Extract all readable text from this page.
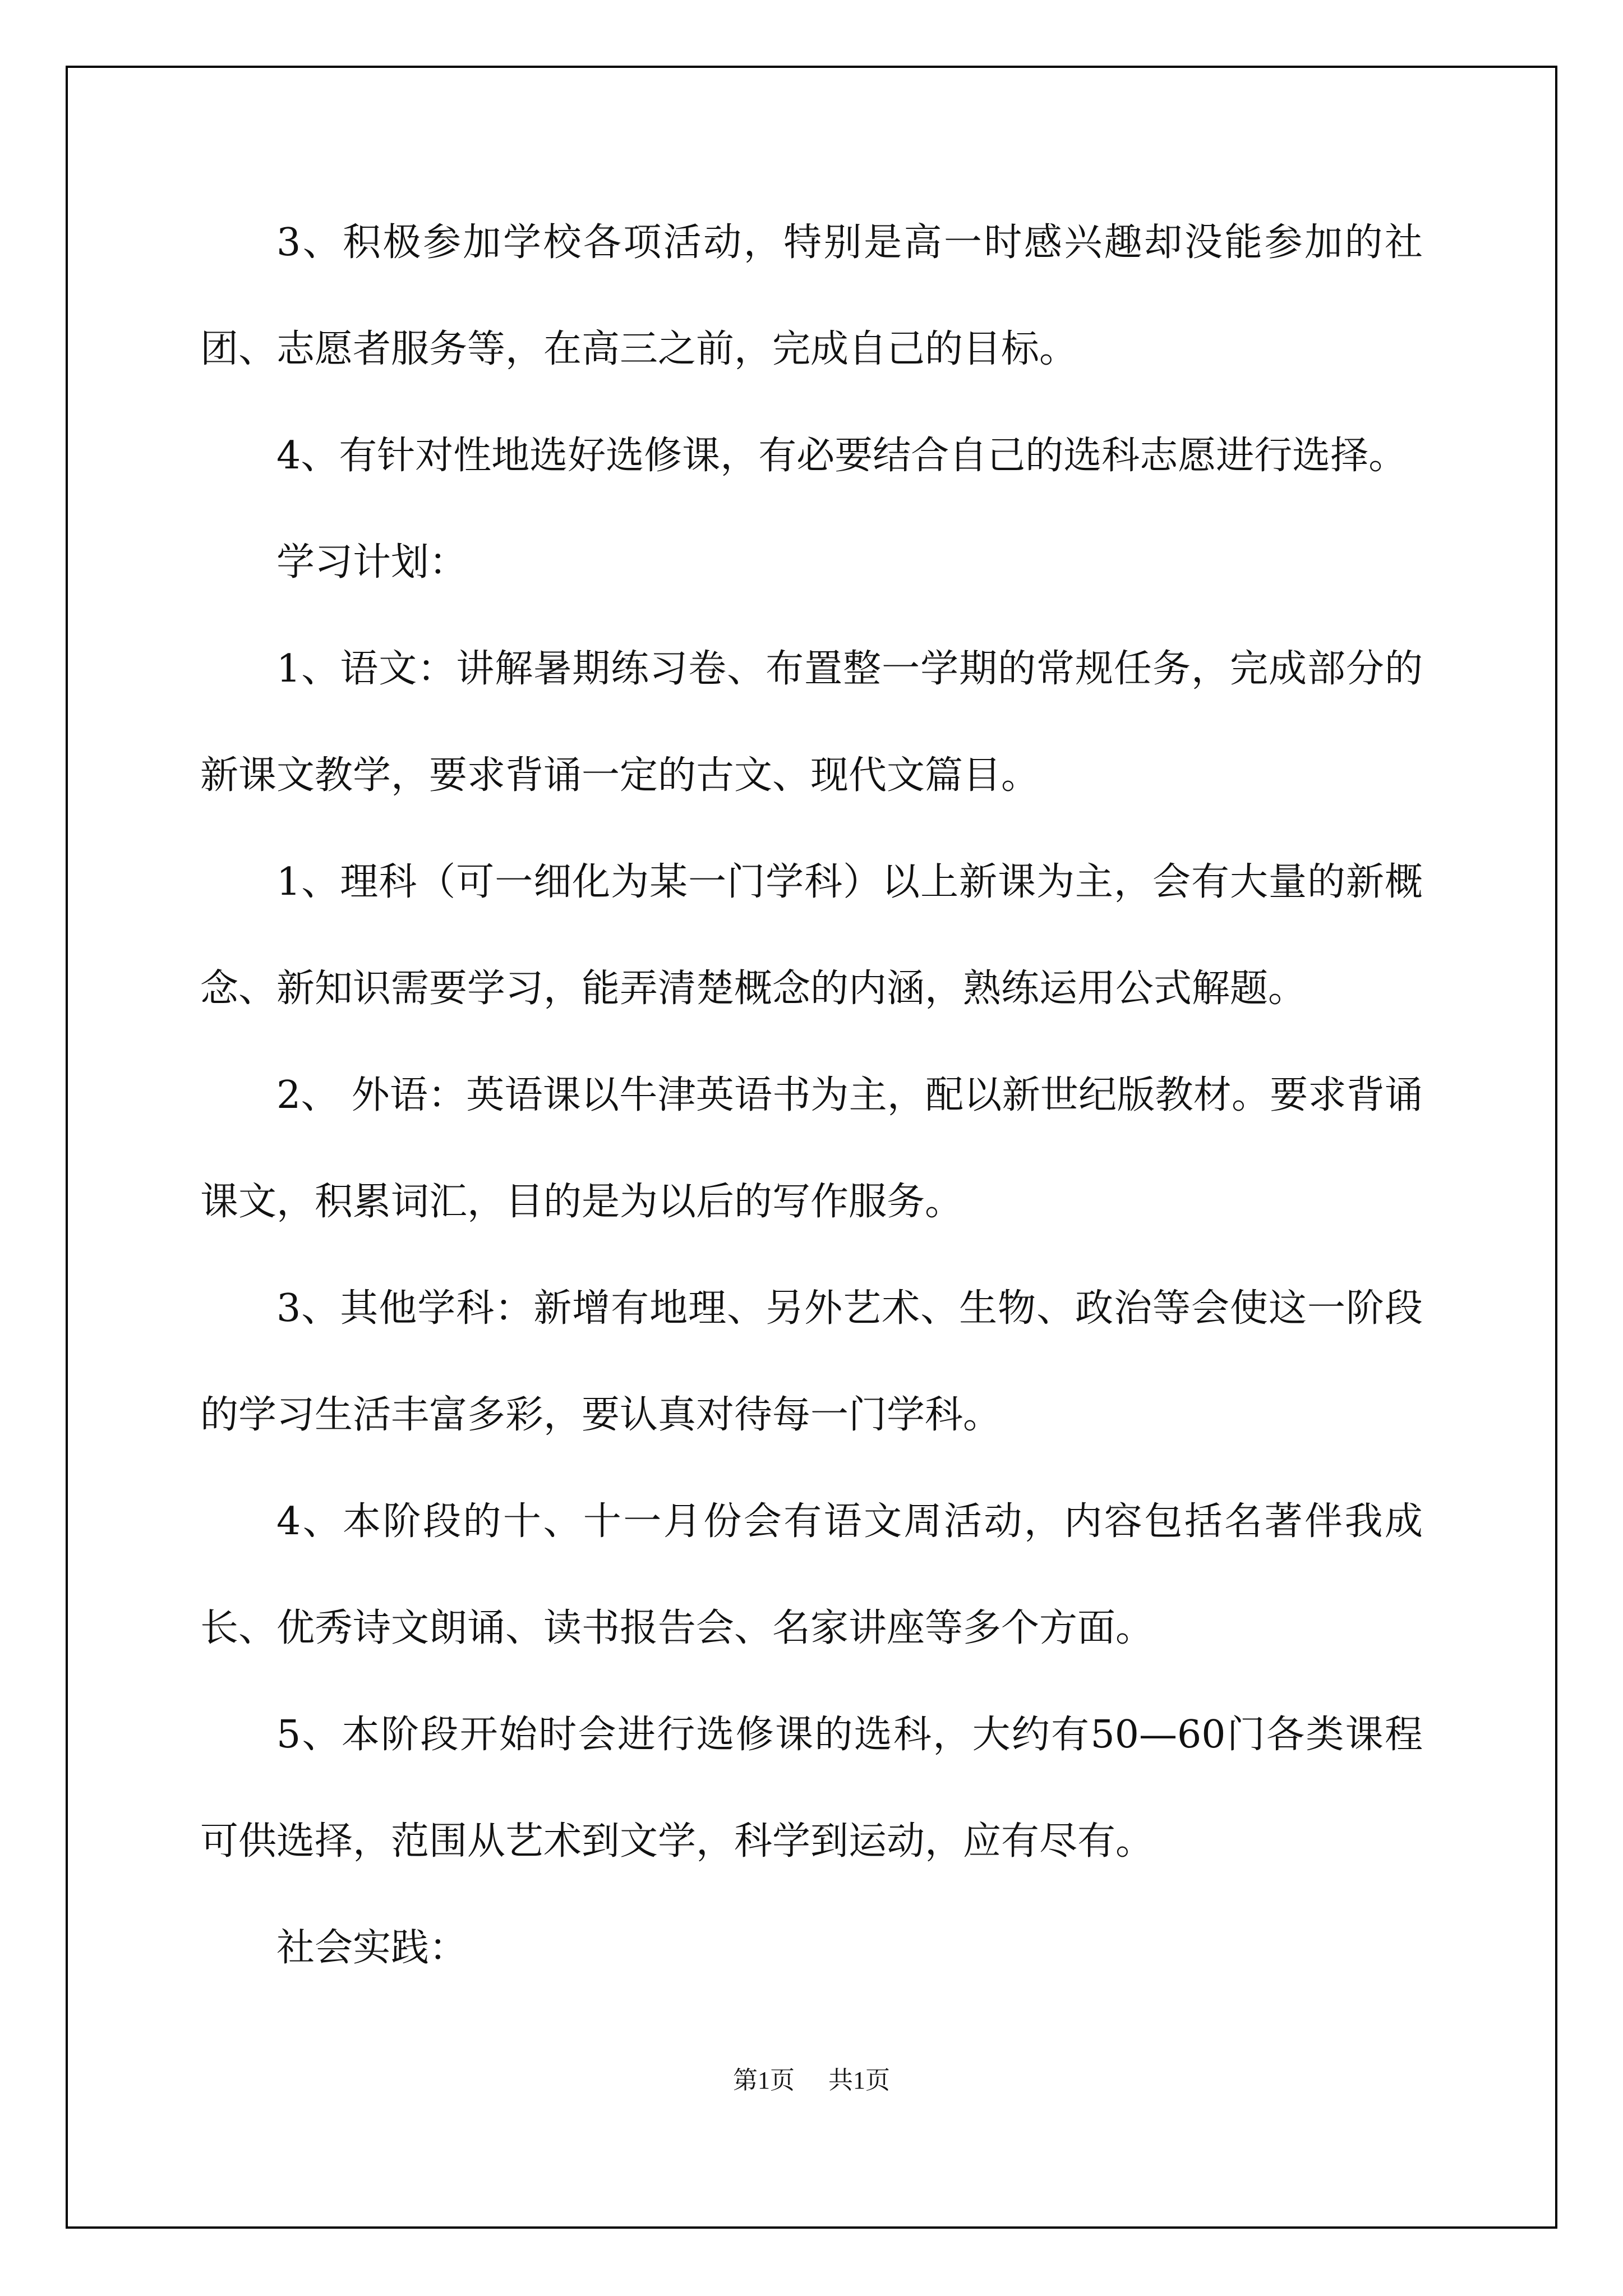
3、积极参加学校各项活动，特别是高一时感兴趣却没能参加的社团、志愿者服务等，在高三之前，完成自己的目标。

4、有针对性地选好选修课，有必要结合自己的选科志愿进行选择。

学习计划：

1、语文：讲解暑期练习卷、布置整一学期的常规任务，完成部分的新课文教学，要求背诵一定的古文、现代文篇目。

1、理科（可一细化为某一门学科）以上新课为主，会有大量的新概念、新知识需要学习，能弄清楚概念的内涵，熟练运用公式解题。

2、 外语：英语课以牛津英语书为主，配以新世纪版教材。要求背诵课文，积累词汇，目的是为以后的写作服务。

3、其他学科：新增有地理、另外艺术、生物、政治等会使这一阶段的学习生活丰富多彩，要认真对待每一门学科。

4、本阶段的十、十一月份会有语文周活动，内容包括名著伴我成长、优秀诗文朗诵、读书报告会、名家讲座等多个方面。

5、本阶段开始时会进行选修课的选科，大约有50—60门各类课程可供选择，范围从艺术到文学，科学到运动，应有尽有。

社会实践：

第1页 共1页
